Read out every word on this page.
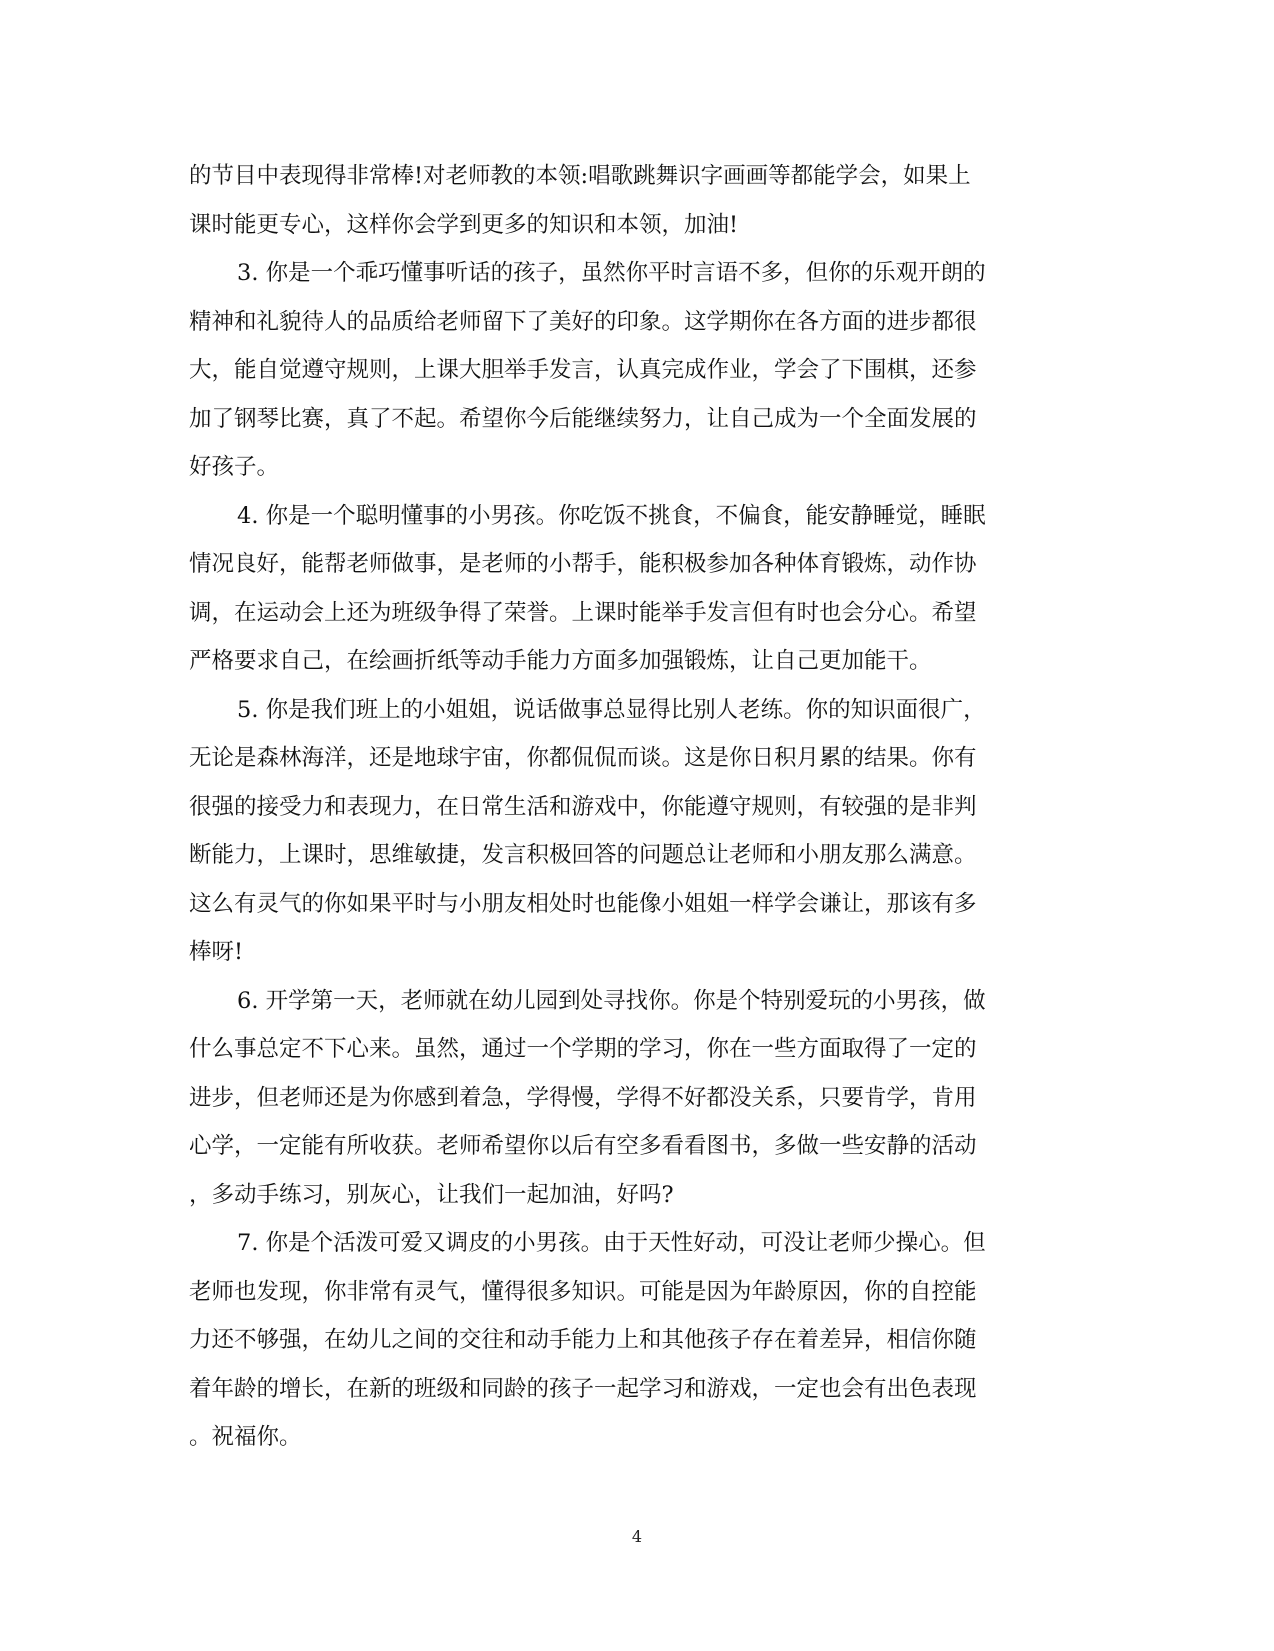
的节目中表现得非常棒!对老师教的本领:唱歌跳舞识字画画等都能学会，如果上
课时能更专心，这样你会学到更多的知识和本领，加油!

3. 你是一个乖巧懂事听话的孩子，虽然你平时言语不多，但你的乐观开朗的
精神和礼貌待人的品质给老师留下了美好的印象。这学期你在各方面的进步都很
大，能自觉遵守规则，上课大胆举手发言，认真完成作业，学会了下围棋，还参
加了钢琴比赛，真了不起。希望你今后能继续努力，让自己成为一个全面发展的
好孩子。

4. 你是一个聪明懂事的小男孩。你吃饭不挑食，不偏食，能安静睡觉，睡眠
情况良好，能帮老师做事，是老师的小帮手，能积极参加各种体育锻炼，动作协
调，在运动会上还为班级争得了荣誉。上课时能举手发言但有时也会分心。希望
严格要求自己，在绘画折纸等动手能力方面多加强锻炼，让自己更加能干。

5. 你是我们班上的小姐姐，说话做事总显得比别人老练。你的知识面很广，
无论是森林海洋，还是地球宇宙，你都侃侃而谈。这是你日积月累的结果。你有
很强的接受力和表现力，在日常生活和游戏中，你能遵守规则，有较强的是非判
断能力，上课时，思维敏捷，发言积极回答的问题总让老师和小朋友那么满意。
这么有灵气的你如果平时与小朋友相处时也能像小姐姐一样学会谦让，那该有多
棒呀!

6. 开学第一天，老师就在幼儿园到处寻找你。你是个特别爱玩的小男孩，做
什么事总定不下心来。虽然，通过一个学期的学习，你在一些方面取得了一定的
进步，但老师还是为你感到着急，学得慢，学得不好都没关系，只要肯学，肯用
心学，一定能有所收获。老师希望你以后有空多看看图书，多做一些安静的活动
，多动手练习，别灰心，让我们一起加油，好吗?

7. 你是个活泼可爱又调皮的小男孩。由于天性好动，可没让老师少操心。但
老师也发现，你非常有灵气，懂得很多知识。可能是因为年龄原因，你的自控能
力还不够强，在幼儿之间的交往和动手能力上和其他孩子存在着差异，相信你随
着年龄的增长，在新的班级和同龄的孩子一起学习和游戏，一定也会有出色表现
。祝福你。

4
